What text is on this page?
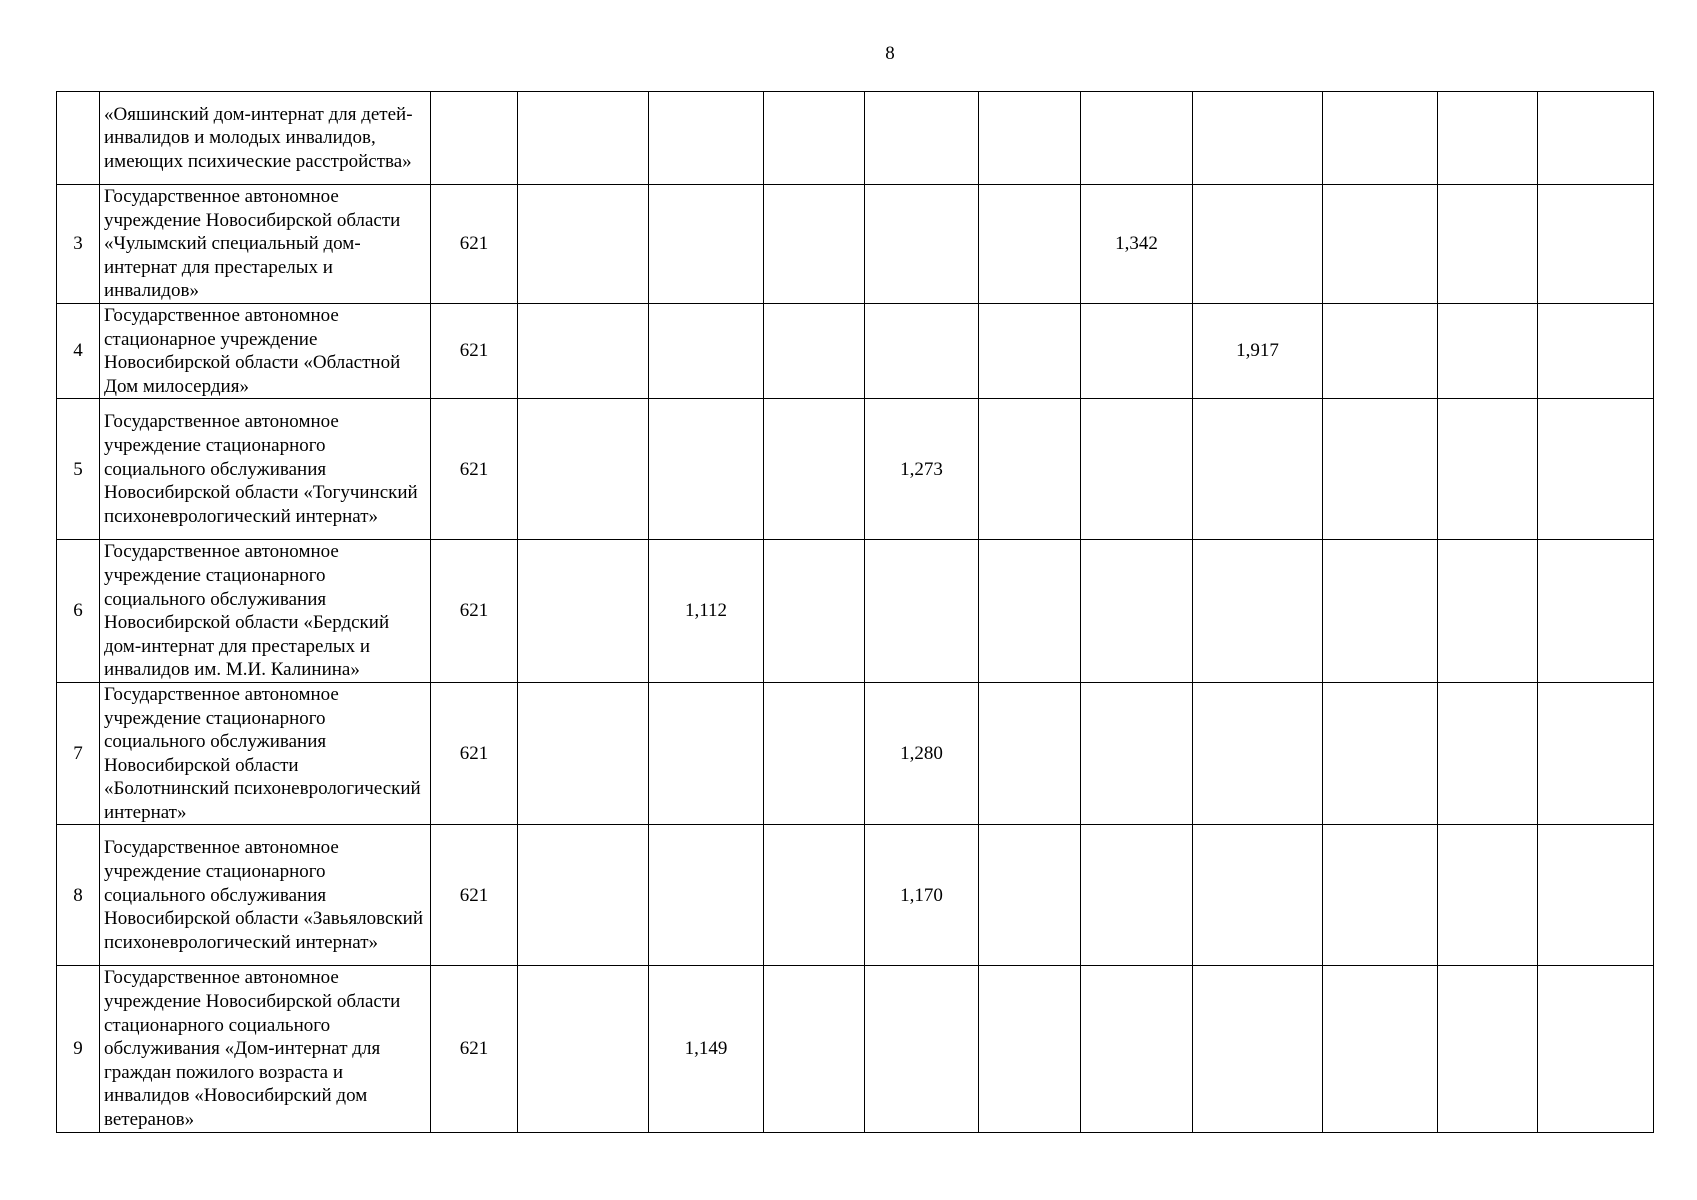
8
	«Ояшинский дом-интернат для детей-инвалидов и молодых инвалидов, имеющих психические расстройства»											
3	Государственное автономное учреждение Новосибирской области «Чулымский специальный дом-интернат для престарелых и инвалидов»	621						1,342				
4	Государственное автономное стационарное учреждение Новосибирской области «Областной Дом милосердия»	621							1,917			
5	Государственное автономное учреждение стационарного социального обслуживания Новосибирской области «Тогучинский психоневрологический интернат»	621				1,273						
6	Государственное автономное учреждение стационарного социального обслуживания Новосибирской области «Бердский дом-интернат для престарелых и инвалидов им. М.И. Калинина»	621		1,112								
7	Государственное автономное учреждение стационарного социального обслуживания Новосибирской области «Болотнинский психоневрологический интернат»	621				1,280						
8	Государственное автономное учреждение стационарного социального обслуживания Новосибирской области «Завьяловский психоневрологический интернат»	621				1,170						
9	Государственное автономное учреждение Новосибирской области стационарного социального обслуживания «Дом-интернат для граждан пожилого возраста и инвалидов «Новосибирский дом ветеранов»	621		1,149								
